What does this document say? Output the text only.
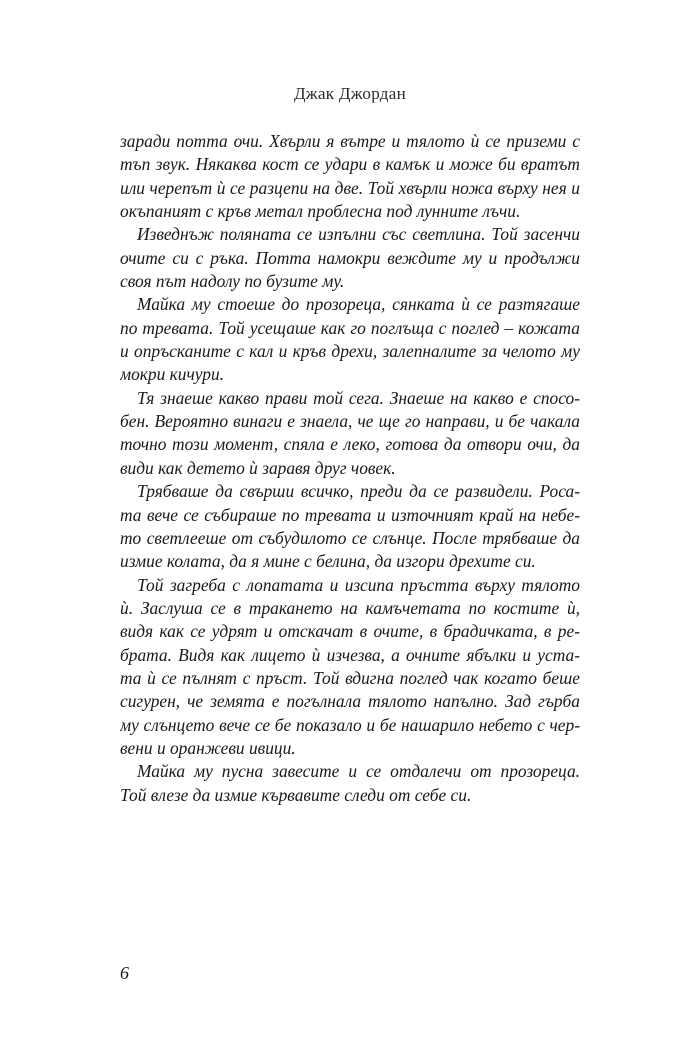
Джак Джордан
заради потта очи. Хвърли я вътре и тялото ѝ се приземи с
тъп звук. Някаква кост се удари в камък и може би вратът
или черепът ѝ се разцепи на две. Той хвърли ножа върху нея и
окъпаният с кръв метал проблесна под лунните лъчи.
Изведнъж поляната се изпълни със светлина. Той засенчи
очите си с ръка. Потта намокри веждите му и продължи
своя път надолу по бузите му.
Майка му стоеше до прозореца, сянката ѝ се разтягаше
по тревата. Той усещаше как го поглъща с поглед – кожата
и опръсканите с кал и кръв дрехи, залепналите за челото му
мокри кичури.
Тя знаеше какво прави той сега. Знаеше на какво е спосо-
бен. Вероятно винаги е знаела, че ще го направи, и бе чакала
точно този момент, спяла е леко, готова да отвори очи, да
види как детето ѝ заравя друг човек.
Трябваше да свърши всичко, преди да се развидели. Роса-
та вече се събираше по тревата и източният край на небе-
то светлееше от събудилото се слънце. После трябваше да
измие колата, да я мине с белина, да изгори дрехите си.
Той загреба с лопатата и изсипа пръстта върху тялото
ѝ. Заслуша се в тракането на камъчетата по костите ѝ,
видя как се удрят и отскачат в очите, в брадичката, в ре-
брата. Видя как лицето ѝ изчезва, а очните ябълки и уста-
та ѝ се пълнят с пръст. Той вдигна поглед чак когато беше
сигурен, че земята е погълнала тялото напълно. Зад гърба
му слънцето вече се бе показало и бе нашарило небето с чер-
вени и оранжеви ивици.
Майка му пусна завесите и се отдалечи от прозореца.
Той влезе да измие кървавите следи от себе си.
6
